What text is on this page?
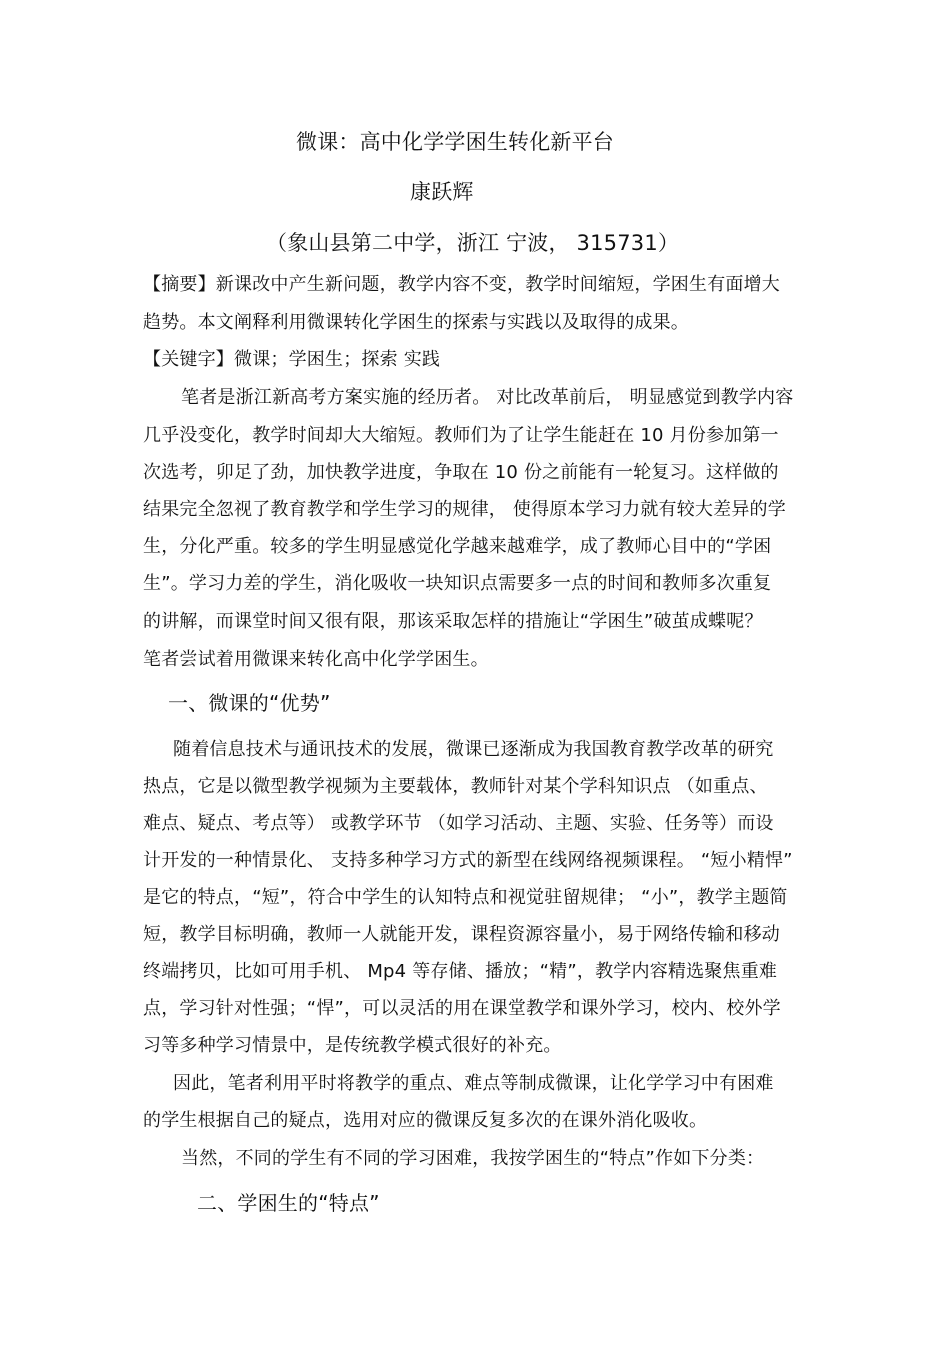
微课：高中化学学困生转化新平台
康跃辉
（象山县第二中学，浙江 宁波， 315731）
【摘要】新课改中产生新问题，教学内容不变，教学时间缩短，学困生有面增大
趋势。本文阐释利用微课转化学困生的探索与实践以及取得的成果。
【关键字】微课；学困生；探索 实践
笔者是浙江新高考方案实施的经历者。 对比改革前后， 明显感觉到教学内容
几乎没变化，教学时间却大大缩短。教师们为了让学生能赶在 10 月份参加第一
次选考，卯足了劲，加快教学进度，争取在 10 份之前能有一轮复习。这样做的
结果完全忽视了教育教学和学生学习的规律， 使得原本学习力就有较大差异的学
生，分化严重。较多的学生明显感觉化学越来越难学，成了教师心目中的“学困
生”。学习力差的学生，消化吸收一块知识点需要多一点的时间和教师多次重复
的讲解，而课堂时间又很有限，那该采取怎样的措施让“学困生”破茧成蝶呢？
笔者尝试着用微课来转化高中化学学困生。
一、微课的“优势”
随着信息技术与通讯技术的发展，微课已逐渐成为我国教育教学改革的研究
热点，它是以微型教学视频为主要载体，教师针对某个学科知识点 （如重点、
难点、疑点、考点等） 或教学环节 （如学习活动、主题、实验、任务等）而设
计开发的一种情景化、 支持多种学习方式的新型在线网络视频课程。 “短小精悍”
是它的特点，“短”，符合中学生的认知特点和视觉驻留规律； “小”，教学主题简
短，教学目标明确，教师一人就能开发，课程资源容量小，易于网络传输和移动
终端拷贝，比如可用手机、 Mp4 等存储、播放；“精”，教学内容精选聚焦重难
点，学习针对性强；“悍”，可以灵活的用在课堂教学和课外学习，校内、校外学
习等多种学习情景中，是传统教学模式很好的补充。
因此，笔者利用平时将教学的重点、难点等制成微课，让化学学习中有困难
的学生根据自己的疑点，选用对应的微课反复多次的在课外消化吸收。
当然，不同的学生有不同的学习困难，我按学困生的“特点”作如下分类：
二、学困生的“特点”
